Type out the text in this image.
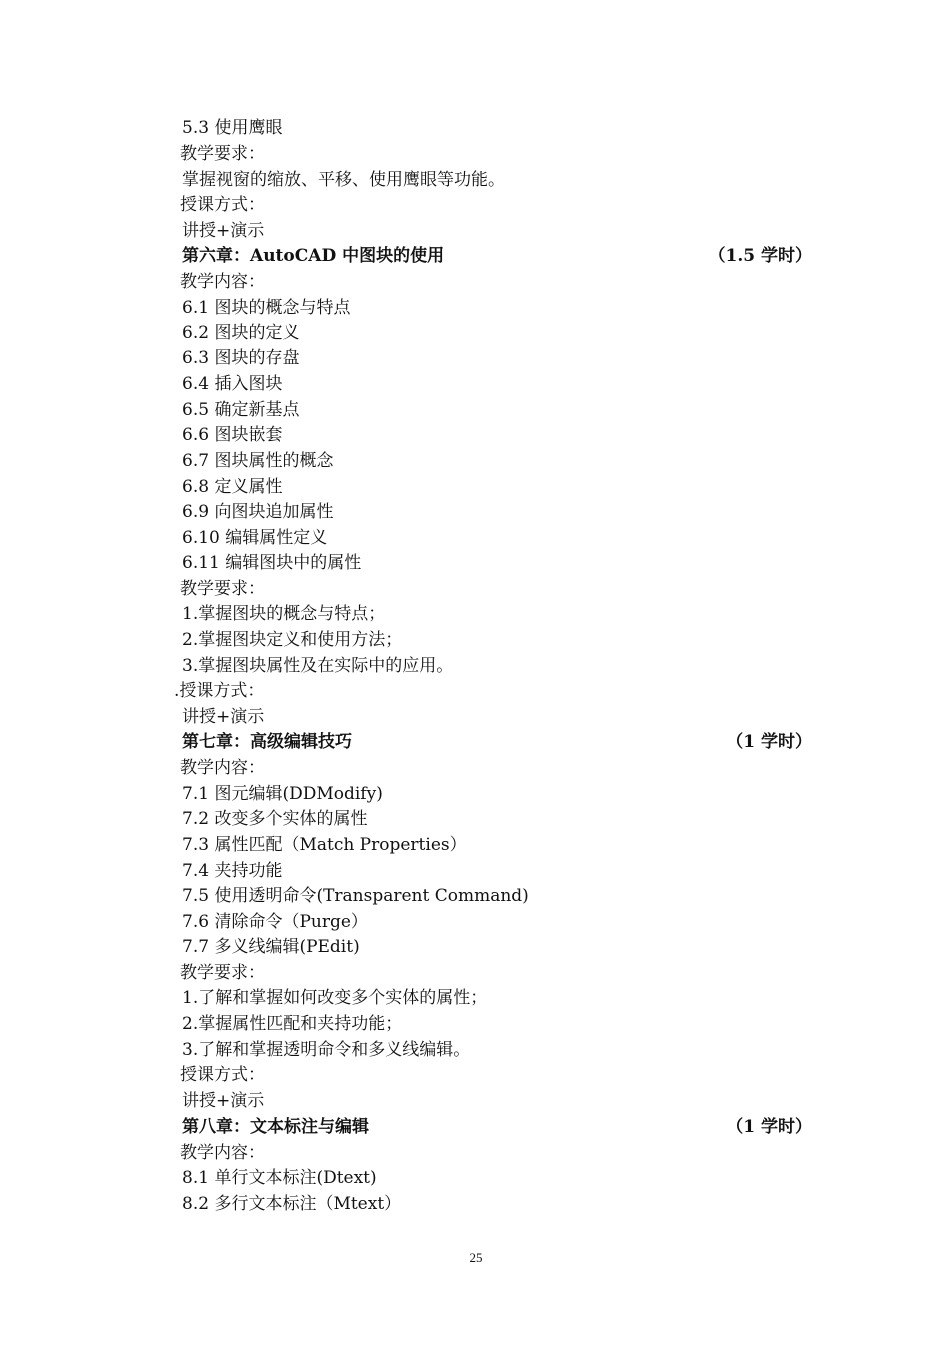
5.3 使用鹰眼
教学要求：
掌握视窗的缩放、平移、使用鹰眼等功能。
授课方式：
讲授+演示
第六章：AutoCAD 中图块的使用	（1.5 学时）
教学内容：
6.1 图块的概念与特点
6.2 图块的定义
6.3 图块的存盘
6.4 插入图块
6.5 确定新基点
6.6 图块嵌套
6.7 图块属性的概念
6.8 定义属性
6.9 向图块追加属性
6.10 编辑属性定义
6.11 编辑图块中的属性
教学要求：
1.掌握图块的概念与特点；
2.掌握图块定义和使用方法；
3.掌握图块属性及在实际中的应用。
.授课方式：
讲授+演示
第七章：高级编辑技巧	（1 学时）
教学内容：
7.1 图元编辑(DDModify)
7.2 改变多个实体的属性
7.3 属性匹配（Match Properties）
7.4 夹持功能
7.5 使用透明命令(Transparent Command)
7.6 清除命令（Purge）
7.7 多义线编辑(PEdit)
教学要求：
1.了解和掌握如何改变多个实体的属性；
2.掌握属性匹配和夹持功能；
3.了解和掌握透明命令和多义线编辑。
授课方式：
讲授+演示
第八章：文本标注与编辑	（1 学时）
教学内容：
8.1 单行文本标注(Dtext)
8.2 多行文本标注（Mtext）
25
